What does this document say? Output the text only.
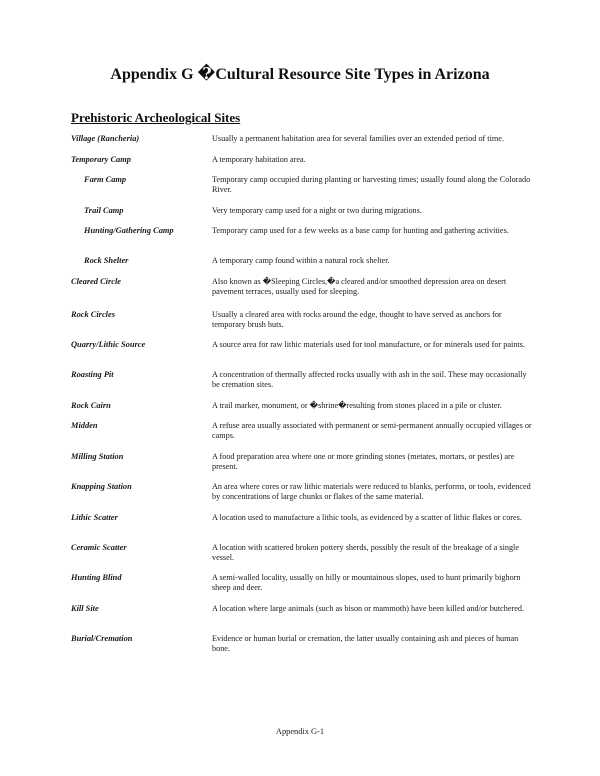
Appendix G �Cultural Resource Site Types in Arizona
Prehistoric Archeological Sites
Village (Rancheria)	Usually a permanent habitation area for several families over an extended period of time.
Temporary Camp	A temporary habitation area.
Farm Camp	Temporary camp occupied during planting or harvesting times; usually found along the Colorado River.
Trail Camp	Very temporary camp used for a night or two during migrations.
Hunting/Gathering Camp	Temporary camp used for a few weeks as a base camp for hunting and gathering activities.
Rock Shelter	A temporary camp found within a natural rock shelter.
Cleared Circle	Also known as �Sleeping Circles,�a cleared and/or smoothed depression area on desert pavement terraces, usually used for sleeping.
Rock Circles	Usually a cleared area with rocks around the edge, thought to have served as anchors for temporary brush huts.
Quarry/Lithic Source	A source area for raw lithic materials used for tool manufacture, or for minerals used for paints.
Roasting Pit	A concentration of thermally affected rocks usually with ash in the soil. These may occasionally be cremation sites.
Rock Cairn	A trail marker, monument, or �shrine�resulting from stones placed in a pile or cluster.
Midden	A refuse area usually associated with permanent or semi-permanent annually occupied villages or camps.
Milling Station	A food preparation area where one or more grinding stones (metates, mortars, or pestles) are present.
Knapping Station	An area where cores or raw lithic materials were reduced to blanks, performs, or tools, evidenced by concentrations of large chunks or flakes of the same material.
Lithic Scatter	A location used to manufacture a lithic tools, as evidenced by a scatter of lithic flakes or cores.
Ceramic Scatter	A location with scattered broken pottery sherds, possibly the result of the breakage of a single vessel.
Hunting Blind	A semi-walled locality, usually on hilly or mountainous slopes, used to hunt primarily bighorn sheep and deer.
Kill Site	A location where large animals (such as bison or mammoth) have been killed and/or butchered.
Burial/Cremation	Evidence or human burial or cremation, the latter usually containing ash and pieces of human bone.
Appendix G-1
